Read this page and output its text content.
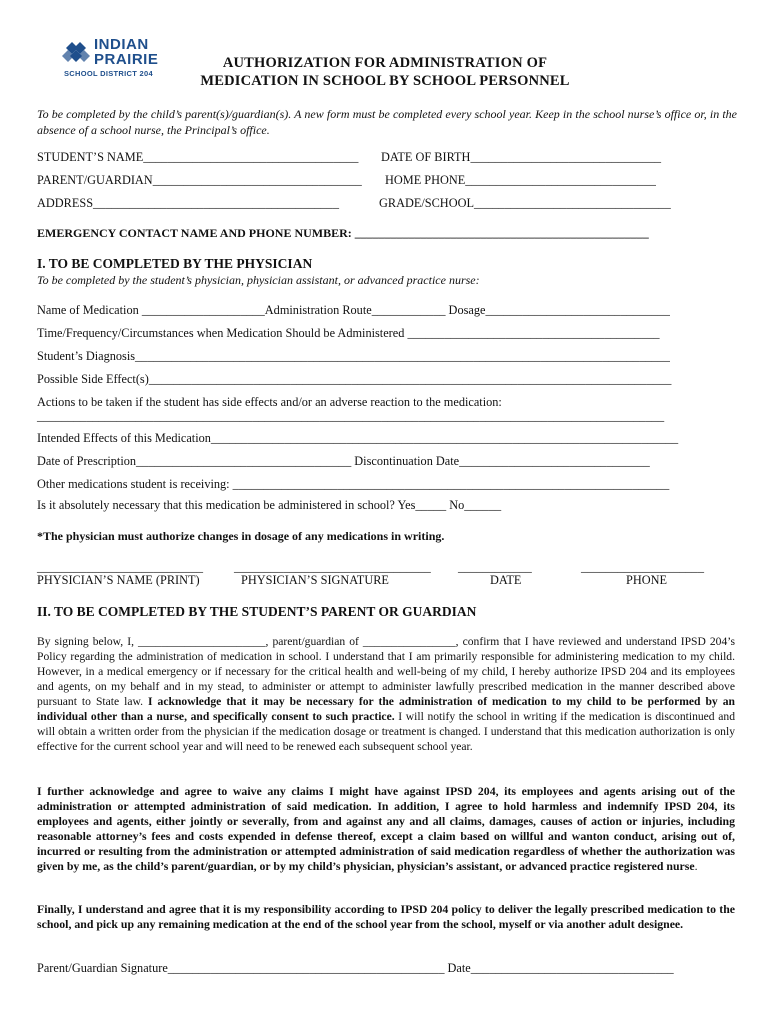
INDIAN
PRAIRIE
SCHOOL DISTRICT 204
AUTHORIZATION FOR ADMINISTRATION OF
MEDICATION IN SCHOOL BY SCHOOL PERSONNEL
To be completed by the child’s parent(s)/guardian(s). A new form must be completed every school year. Keep in the school nurse’s office or, in the absence of a school nurse, the Principal’s office.
STUDENT’S NAME___________________________________ DATE OF BIRTH_______________________________
PARENT/GUARDIAN__________________________________ HOME PHONE_______________________________
ADDRESS________________________________________	GRADE/SCHOOL________________________________
EMERGENCY CONTACT NAME AND PHONE NUMBER: _________________________________________________
I. TO BE COMPLETED BY THE PHYSICIAN
To be completed by the student’s physician, physician assistant, or advanced practice nurse:
Name of Medication ____________________Administration Route____________ Dosage______________________________
Time/Frequency/Circumstances when Medication Should be Administered _________________________________________
Student’s Diagnosis_______________________________________________________________________________________
Possible Side Effect(s)_____________________________________________________________________________________
Actions to be taken if the student has side effects and/or an adverse reaction to the medication:
______________________________________________________________________________________________________
Intended Effects of this Medication____________________________________________________________________________
Date of Prescription___________________________________ Discontinuation Date_______________________________
Other medications student is receiving: _______________________________________________________________________
Is it absolutely necessary that this medication be administered in school? Yes_____ No______
*The physician must authorize changes in dosage of any medications in writing.
___________________________	________________________________ ____________	____________________
PHYSICIAN’S NAME (PRINT)	PHYSICIAN’S SIGNATURE	DATE	PHONE
II. TO BE COMPLETED BY THE STUDENT’S PARENT OR GUARDIAN
By signing below, I, ______________________, parent/guardian of ________________, confirm that I have reviewed and understand IPSD 204’s Policy regarding the administration of medication in school. I understand that I am primarily responsible for administering medication to my child. However, in a medical emergency or if necessary for the critical health and well-being of my child, I hereby authorize IPSD 204 and its employees and agents, on my behalf and in my stead, to administer or attempt to administer lawfully prescribed medication in the manner described above pursuant to State law. I acknowledge that it may be necessary for the administration of medication to my child to be performed by an individual other than a nurse, and specifically consent to such practice. I will notify the school in writing if the medication is discontinued and will obtain a written order from the physician if the medication dosage or treatment is changed. I understand that this medication authorization is only effective for the current school year and will need to be renewed each subsequent school year.
I further acknowledge and agree to waive any claims I might have against IPSD 204, its employees and agents arising out of the administration or attempted administration of said medication. In addition, I agree to hold harmless and indemnify IPSD 204, its employees and agents, either jointly or severally, from and against any and all claims, damages, causes of action or injuries, including reasonable attorney’s fees and costs expended in defense thereof, except a claim based on willful and wanton conduct, arising out of, incurred or resulting from the administration or attempted administration of said medication regardless of whether the authorization was given by me, as the child’s parent/guardian, or by my child’s physician, physician’s assistant, or advanced practice registered nurse.
Finally, I understand and agree that it is my responsibility according to IPSD 204 policy to deliver the legally prescribed medication to the school, and pick up any remaining medication at the end of the school year from the school, myself or via another adult designee.
Parent/Guardian Signature_____________________________________________ Date_________________________________
